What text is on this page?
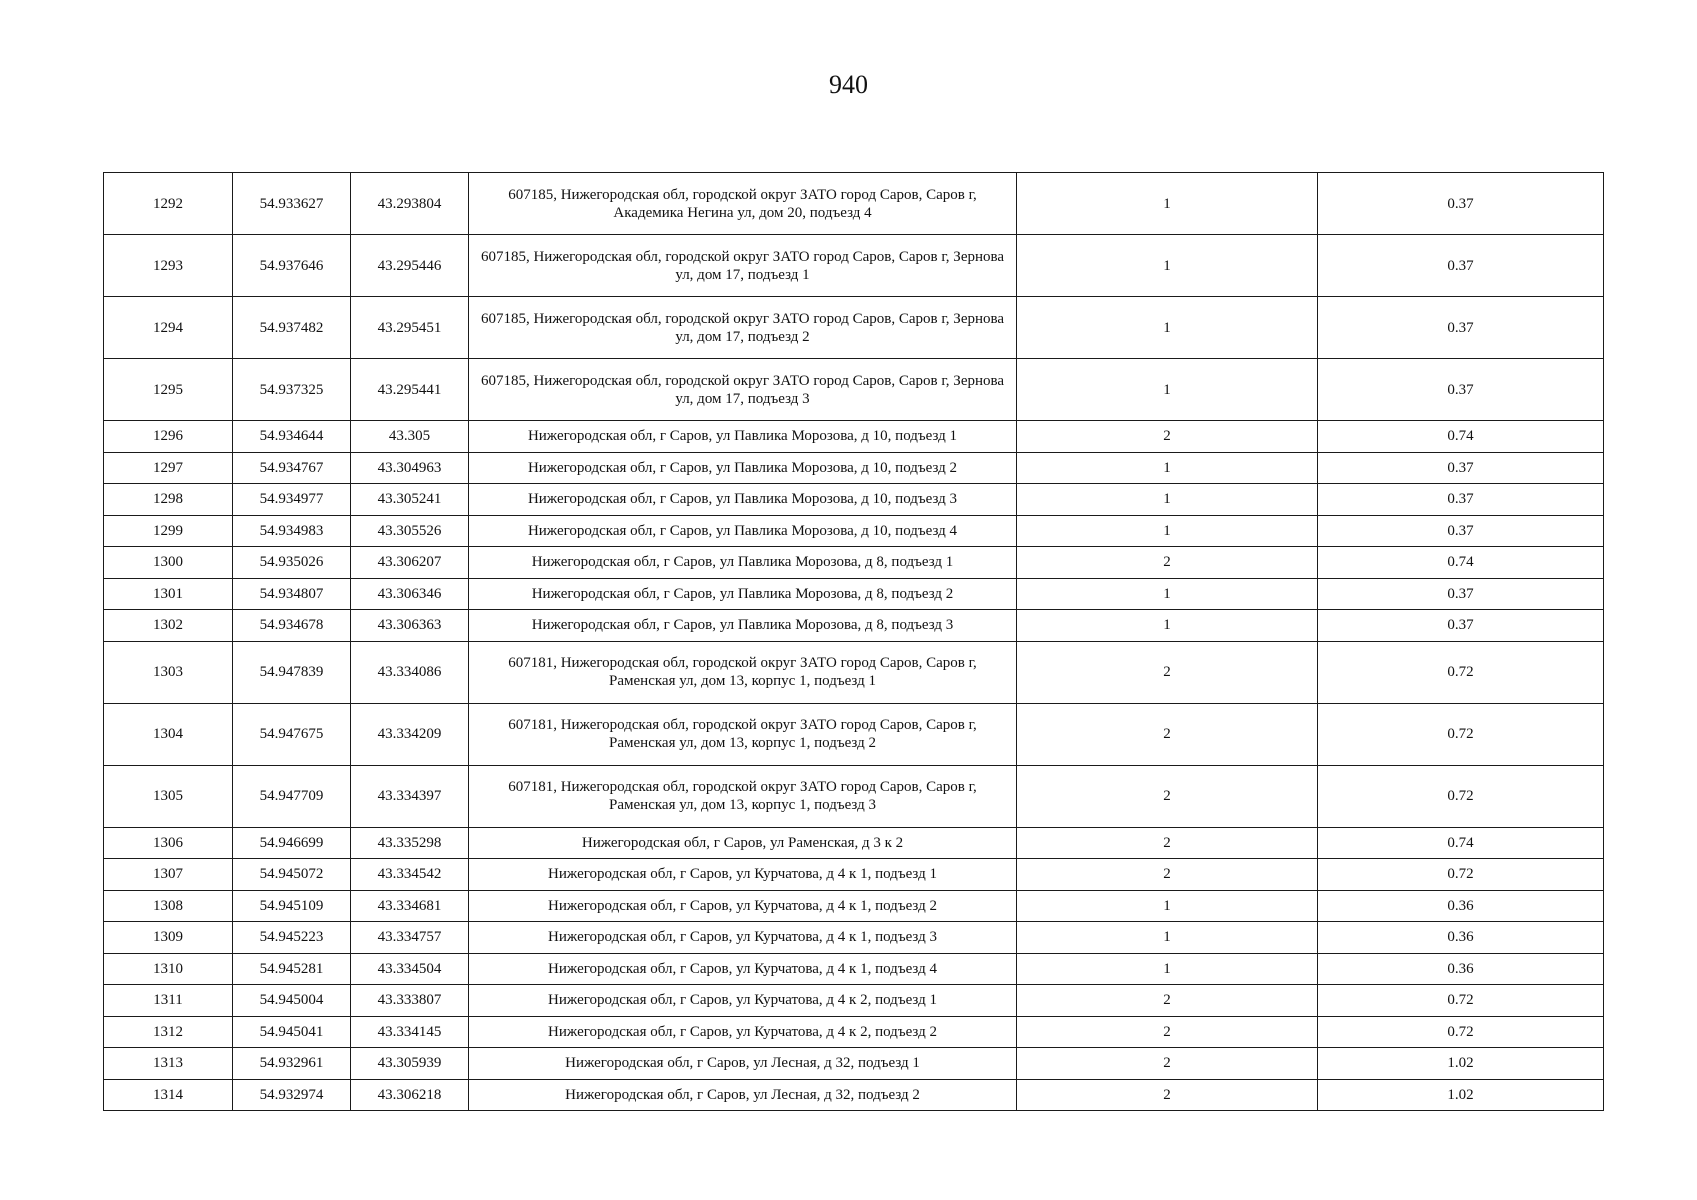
940
1292	54.933627	43.293804	607185, Нижегородская обл, городской округ ЗАТО город Саров, Саров г, Академика Негина ул, дом 20, подъезд 4	1	0.37
1293	54.937646	43.295446	607185, Нижегородская обл, городской округ ЗАТО город Саров, Саров г, Зернова ул, дом 17, подъезд 1	1	0.37
1294	54.937482	43.295451	607185, Нижегородская обл, городской округ ЗАТО город Саров, Саров г, Зернова ул, дом 17, подъезд 2	1	0.37
1295	54.937325	43.295441	607185, Нижегородская обл, городской округ ЗАТО город Саров, Саров г, Зернова ул, дом 17, подъезд 3	1	0.37
1296	54.934644	43.305	Нижегородская обл, г Саров, ул Павлика Морозова, д 10, подъезд 1	2	0.74
1297	54.934767	43.304963	Нижегородская обл, г Саров, ул Павлика Морозова, д 10, подъезд 2	1	0.37
1298	54.934977	43.305241	Нижегородская обл, г Саров, ул Павлика Морозова, д 10, подъезд 3	1	0.37
1299	54.934983	43.305526	Нижегородская обл, г Саров, ул Павлика Морозова, д 10, подъезд 4	1	0.37
1300	54.935026	43.306207	Нижегородская обл, г Саров, ул Павлика Морозова, д 8, подъезд 1	2	0.74
1301	54.934807	43.306346	Нижегородская обл, г Саров, ул Павлика Морозова, д 8, подъезд 2	1	0.37
1302	54.934678	43.306363	Нижегородская обл, г Саров, ул Павлика Морозова, д 8, подъезд 3	1	0.37
1303	54.947839	43.334086	607181, Нижегородская обл, городской округ ЗАТО город Саров, Саров г, Раменская ул, дом 13, корпус 1, подъезд 1	2	0.72
1304	54.947675	43.334209	607181, Нижегородская обл, городской округ ЗАТО город Саров, Саров г, Раменская ул, дом 13, корпус 1, подъезд 2	2	0.72
1305	54.947709	43.334397	607181, Нижегородская обл, городской округ ЗАТО город Саров, Саров г, Раменская ул, дом 13, корпус 1, подъезд 3	2	0.72
1306	54.946699	43.335298	Нижегородская обл, г Саров, ул Раменская, д 3 к 2	2	0.74
1307	54.945072	43.334542	Нижегородская обл, г Саров, ул Курчатова, д 4 к 1, подъезд 1	2	0.72
1308	54.945109	43.334681	Нижегородская обл, г Саров, ул Курчатова, д 4 к 1, подъезд 2	1	0.36
1309	54.945223	43.334757	Нижегородская обл, г Саров, ул Курчатова, д 4 к 1, подъезд 3	1	0.36
1310	54.945281	43.334504	Нижегородская обл, г Саров, ул Курчатова, д 4 к 1, подъезд 4	1	0.36
1311	54.945004	43.333807	Нижегородская обл, г Саров, ул Курчатова, д 4 к 2, подъезд 1	2	0.72
1312	54.945041	43.334145	Нижегородская обл, г Саров, ул Курчатова, д 4 к 2, подъезд 2	2	0.72
1313	54.932961	43.305939	Нижегородская обл, г Саров, ул Лесная, д 32, подъезд 1	2	1.02
1314	54.932974	43.306218	Нижегородская обл, г Саров, ул Лесная, д 32, подъезд 2	2	1.02
